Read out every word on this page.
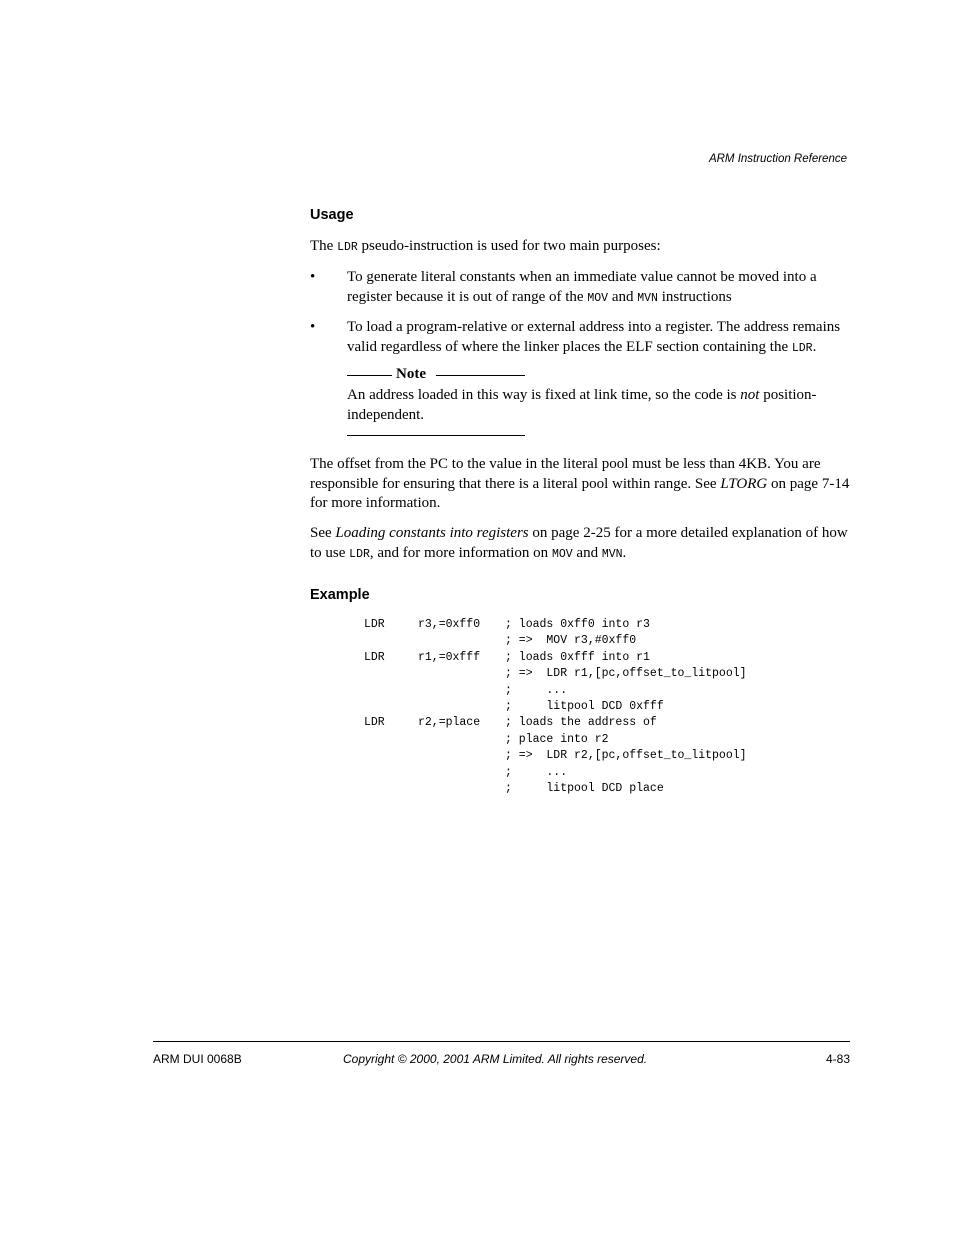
ARM Instruction Reference
Usage

The LDR pseudo-instruction is used for two main purposes:

• To generate literal constants when an immediate value cannot be moved into a register because it is out of range of the MOV and MVN instructions
• To load a program-relative or external address into a register. The address remains valid regardless of where the linker places the ELF section containing the LDR.
Note
An address loaded in this way is fixed at link time, so the code is not position-independent.

The offset from the PC to the value in the literal pool must be less than 4KB. You are responsible for ensuring that there is a literal pool within range. See LTORG on page 7-14 for more information.

See Loading constants into registers on page 2-25 for a more detailed explanation of how to use LDR, and for more information on MOV and MVN.

Example
LDR	r3,=0xff0 ; loads 0xff0 into r3
; =>  MOV r3,#0xff0
LDR	r1,=0xfff ; loads 0xfff into r1
; =>  LDR r1,[pc,offset_to_litpool]
;     ...
;     litpool DCD 0xfff
LDR	r2,=place ; loads the address of
; place into r2
; =>  LDR r2,[pc,offset_to_litpool]
;     ...
;     litpool DCD place
ARM DUI 0068B	Copyright © 2000, 2001 ARM Limited. All rights reserved.	4-83
